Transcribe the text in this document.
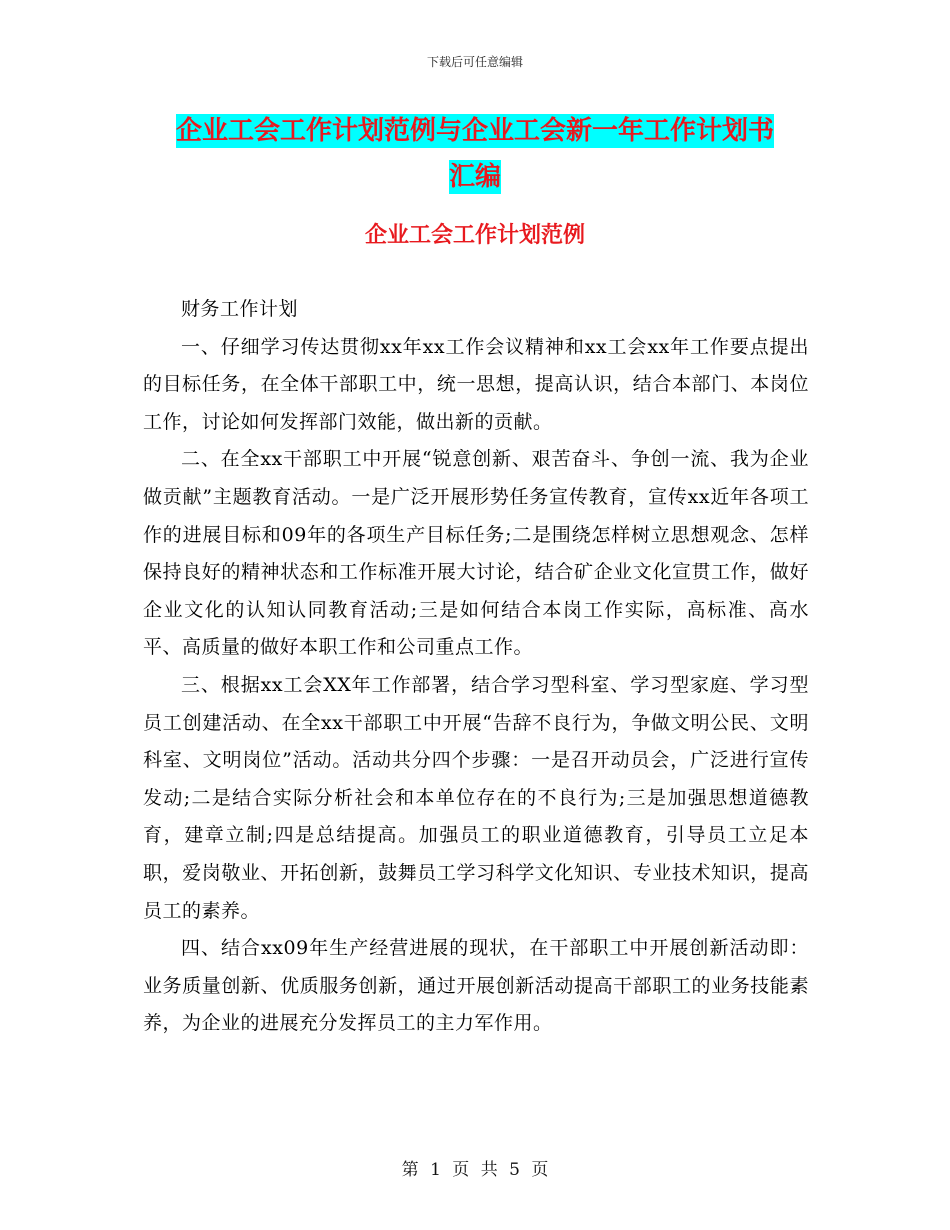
下载后可任意编辑
企业工会工作计划范例与企业工会新一年工作计划书
汇编
企业工会工作计划范例

财务工作计划

一、仔细学习传达贯彻xx年xx工作会议精神和xx工会xx年工作要点提出的目标任务，在全体干部职工中，统一思想，提高认识，结合本部门、本岗位工作，讨论如何发挥部门效能，做出新的贡献。

二、在全xx干部职工中开展“锐意创新、艰苦奋斗、争创一流、我为企业做贡献”主题教育活动。一是广泛开展形势任务宣传教育，宣传xx近年各项工作的进展目标和09年的各项生产目标任务;二是围绕怎样树立思想观念、怎样保持良好的精神状态和工作标准开展大讨论，结合矿企业文化宣贯工作，做好企业文化的认知认同教育活动;三是如何结合本岗工作实际，高标准、高水平、高质量的做好本职工作和公司重点工作。

三、根据xx工会XX年工作部署，结合学习型科室、学习型家庭、学习型员工创建活动、在全xx干部职工中开展“告辞不良行为，争做文明公民、文明科室、文明岗位”活动。活动共分四个步骤：一是召开动员会，广泛进行宣传发动;二是结合实际分析社会和本单位存在的不良行为;三是加强思想道德教育，建章立制;四是总结提高。加强员工的职业道德教育，引导员工立足本职，爱岗敬业、开拓创新，鼓舞员工学习科学文化知识、专业技术知识，提高员工的素养。

四、结合xx09年生产经营进展的现状，在干部职工中开展创新活动即：业务质量创新、优质服务创新，通过开展创新活动提高干部职工的业务技能素养，为企业的进展充分发挥员工的主力军作用。

第 1 页 共 5 页
